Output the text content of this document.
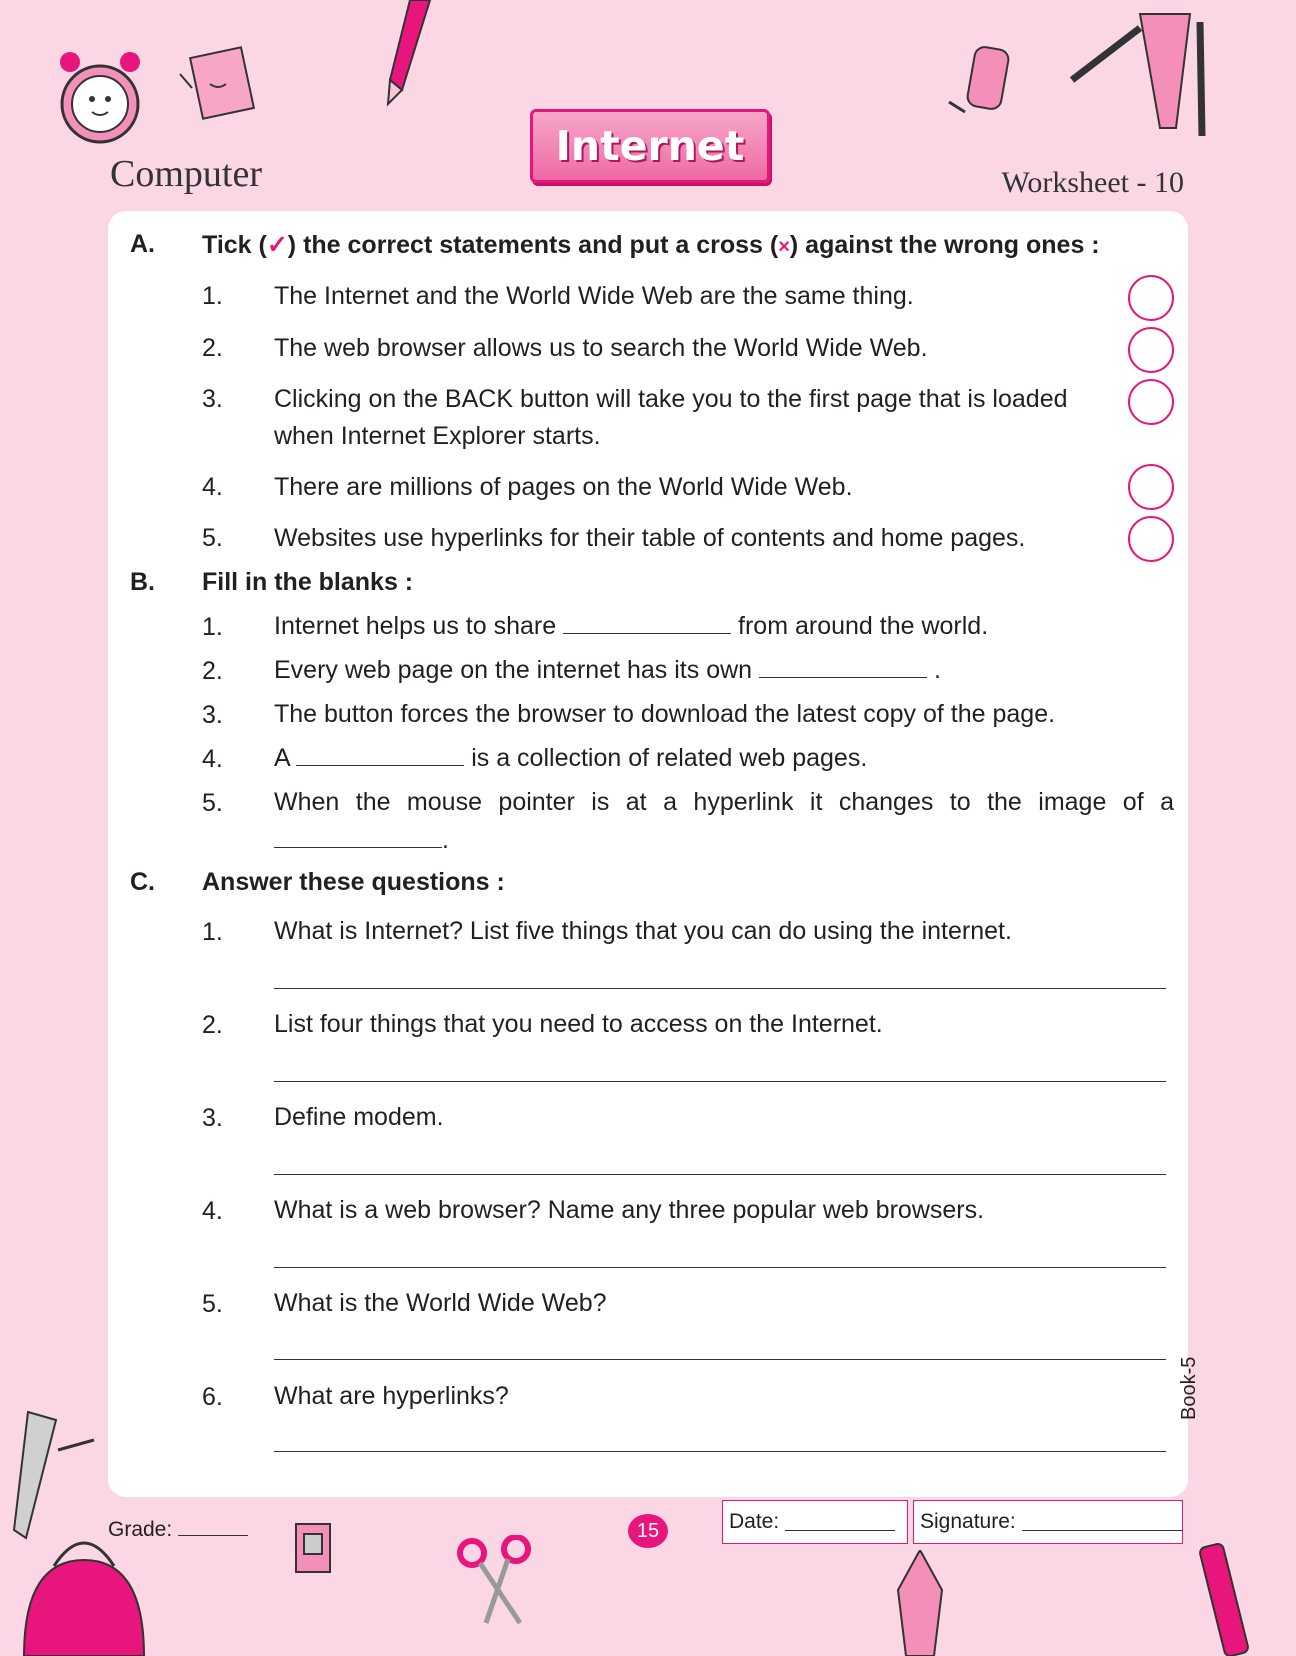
Computer
Internet
Worksheet - 10
A. Tick (✓) the correct statements and put a cross (×) against the wrong ones :
1. The Internet and the World Wide Web are the same thing.
2. The web browser allows us to search the World Wide Web.
3. Clicking on the BACK button will take you to the first page that is loaded when Internet Explorer starts.
4. There are millions of pages on the World Wide Web.
5. Websites use hyperlinks for their table of contents and home pages.
B. Fill in the blanks :
1. Internet helps us to share	from around the world.
2. Every web page on the internet has its own	.
3. The button forces the browser to download the latest copy of the page.
4. A	is a collection of related web pages.
5. When the mouse pointer is at a hyperlink it changes to the image of a
.
C. Answer these questions :
1. What is Internet? List five things that you can do using the internet.
2. List four things that you need to access on the Internet.
3. Define modem.
4. What is a web browser? Name any three popular web browsers.
5. What is the World Wide Web?
6. What are hyperlinks?	Book-5
Grade:	15	Date:
	Signature:
